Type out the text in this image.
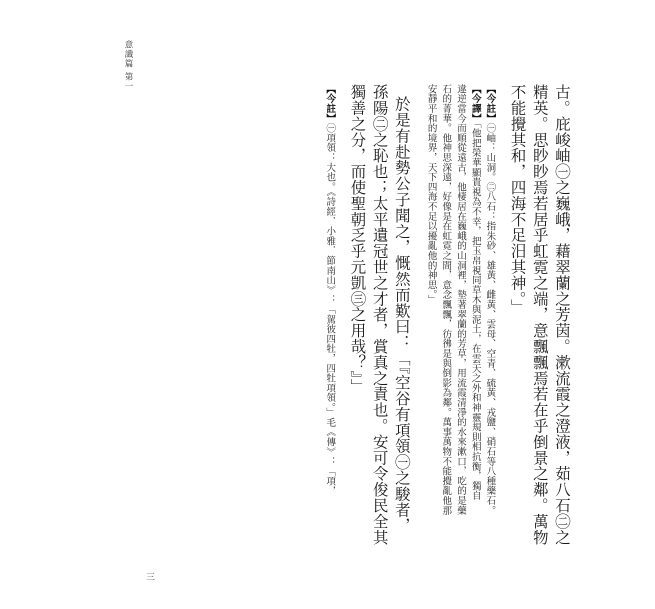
意識篇 第一
古。庇峻岫㊀之巍峨，藉翠蘭之芳茵。漱流霞之澄液，茹八石㊁之
精英。思眇眇焉若居乎虹霓之端，意飄飄焉若在乎倒景之鄰。萬物
不能攪其和，四海不足汨其神。」
【今註】㊀岫：山洞。㊁八石：指朱砂、雄黃、雌黃、雲母、空青、硫黃、戎鹽、硝石等八種藥石。
【今譯】「他把榮華顯貴視為不幸，把玉帛視同草木與泥土，在雲天之外和神靈規則相抗衡，獨自
違逆當今而順從遠古，他棲居在巍峨的山洞裡，墊著翠蘭的芳草，用流霞清淨的水來漱口，吃的是藥
石的菁華。他神思深遠，好像是在虹霓之間，意念飄飄，彷彿是與倒影為鄰。萬事萬物不能攪亂他那
安靜平和的境界，天下四海不足以擾亂他的神思。」
於是有赴勢公子聞之，慨然而歎曰：「『空谷有項領㊀之駿者，
孫陽㊁之恥也；太平遺冠世之才者，賞真之責也。安可令俊民全其
獨善之分，而使聖朝乏乎元凱㊂之用哉？』」
【今註】㊀項領：大也。《詩經．小雅．節南山》：「駕彼四牡，四牡項領。」毛《傳》：「項，
三
